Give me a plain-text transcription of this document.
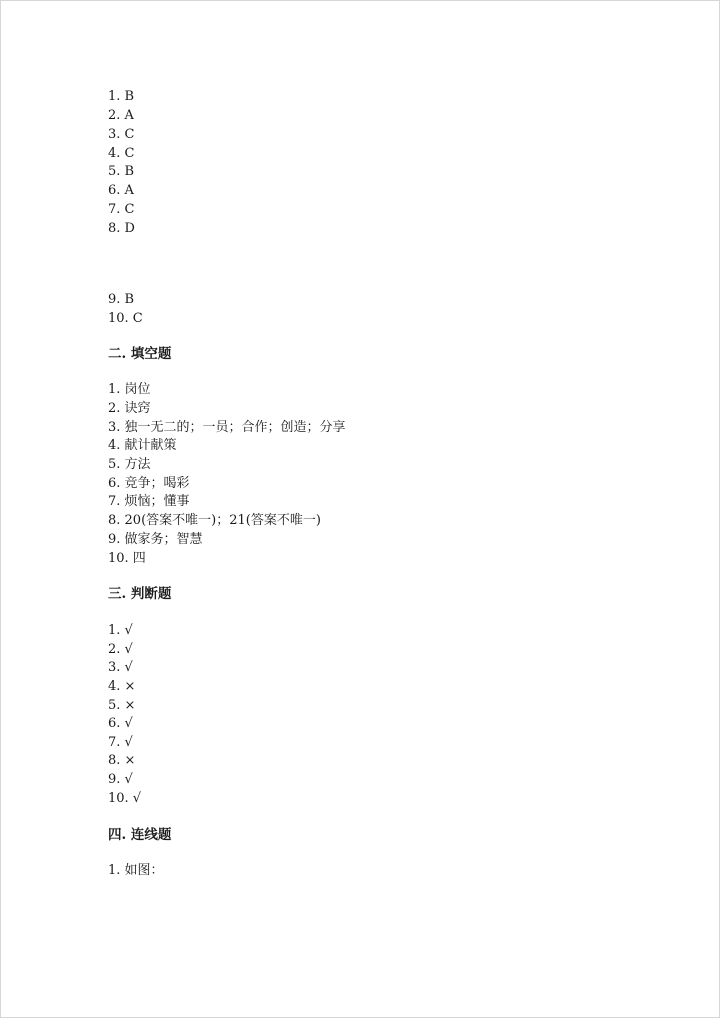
1. B
2. A
3. C
4. C
5. B
6. A
7. C
8. D
9. B
10. C
二. 填空题
1. 岗位
2. 诀窍
3. 独一无二的；一员；合作；创造；分享
4. 献计献策
5. 方法
6. 竞争；喝彩
7. 烦恼；懂事
8. 20(答案不唯一)；21(答案不唯一)
9. 做家务；智慧
10. 四
三. 判断题
1. √
2. √
3. √
4. ×
5. ×
6. √
7. √
8. ×
9. √
10. √
四. 连线题
1. 如图：
